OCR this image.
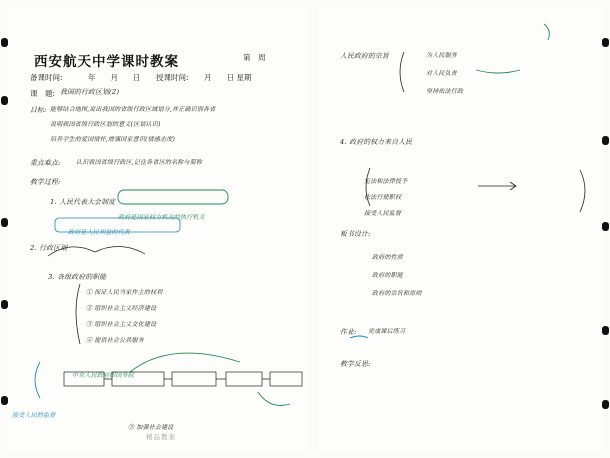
西安航天中学课时教案	第　周
备课时间:	年　　月　　日 授课时间: 月　　日 星期
课　题: 我国的行政区划(2)
目标: 能够结合地图,说出我国的省级行政区域划分,并正确识别各省
说明我国省级行政区划的意义(区划认识)
培养学生的爱国情怀,增强国家意识(情感态度)
重点难点:	认识我国省级行政区,记住各省区的名称与简称
教学过程:
1. 人民代表大会制度
政府是国家权力机关的执行机关
政府是人民利益的代表
2. 行政区划
3. 各级政府的职能
① 保证人民当家作主的权利
② 组织社会主义经济建设
③ 组织社会主义文化建设
④ 提供社会公共服务
中央人民政府即国务院
接受人民的监督
⑤ 加强社会建设
精品教案
人民政府的宗旨	为人民服务
对人民负责
坚持依法行政
4. 政府的权力来自人民
宪法和法律授予
依法行使职权
接受人民监督
板书设计:
政府的性质
政府的职能
政府的宗旨和原则
作业: 完成课后练习
教学反思:
